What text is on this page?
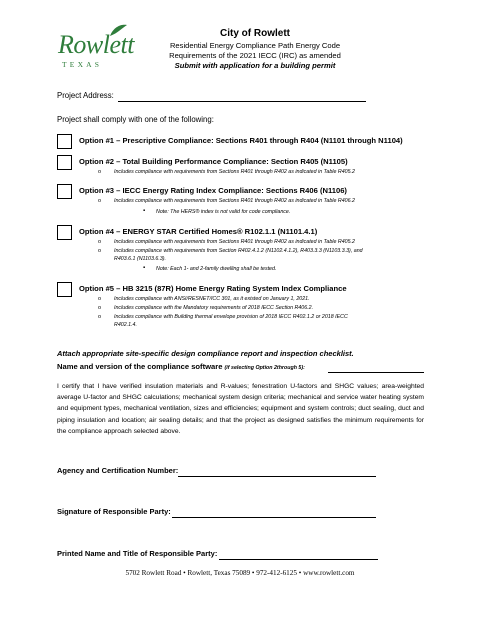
Rowlett
TEXAS
City of Rowlett
Residential Energy Compliance Path Energy Code
Requirements of the 2021 IECC (IRC) as amended
Submit with application for a building permit
Project Address:
Project shall comply with one of the following:
Option #1 – Prescriptive Compliance: Sections R401 through R404 (N1101 through N1104)
Option #2 – Total Building Performance Compliance: Section R405 (N1105)
o Includes compliance with requirements from Sections R401 through R402 as indicated in Table R405.2
Option #3 – IECC Energy Rating Index Compliance: Sections R406 (N1106)
o Includes compliance with requirements from Sections R401 through R402 as indicated in Table R406.2
▪ Note: The HERS® index is not valid for code compliance.
Option #4 – ENERGY STAR Certified Homes® R102.1.1 (N1101.4.1)
o Includes compliance with requirements from Sections R401 through R402 as indicated in Table R405.2
o Includes compliance with requirements from Section R402.4.1.2 (N1102.4.1.2), R403.3.3 (N1103.3.3), and
R403.6.1 (N1103.6.3).
▪ Note: Each 1- and 2-family dwelling shall be tested.
Option #5 – HB 3215 (87R) Home Energy Rating System Index Compliance
o Includes compliance with ANSI/RESNET/ICC 301, as it existed on January 1, 2021.
o Includes compliance with the Mandatory requirements of 2018 IECC Section R406.2.
o Includes compliance with Building thermal envelope provision of 2018 IECC R402.1.2 or 2018 IECC
R402.1.4.
Attach appropriate site-specific design compliance report and inspection checklist.
Name and version of the compliance software (if selecting Option 2through 5):
I certify that I have verified insulation materials and R-values; fenestration U-factors and SHGC values; area-weighted average U-factor and SHGC calculations; mechanical system design criteria; mechanical and service water heating system and equipment types, mechanical ventilation, sizes and efficiencies; equipment and system controls; duct sealing, duct and piping insulation and location; air sealing details; and that the project as designed satisfies the minimum requirements for the compliance approach selected above.
Agency and Certification Number:
Signature of Responsible Party:
Printed Name and Title of Responsible Party:
5702 Rowlett Road • Rowlett, Texas 75089 • 972-412-6125 • www.rowlett.com
